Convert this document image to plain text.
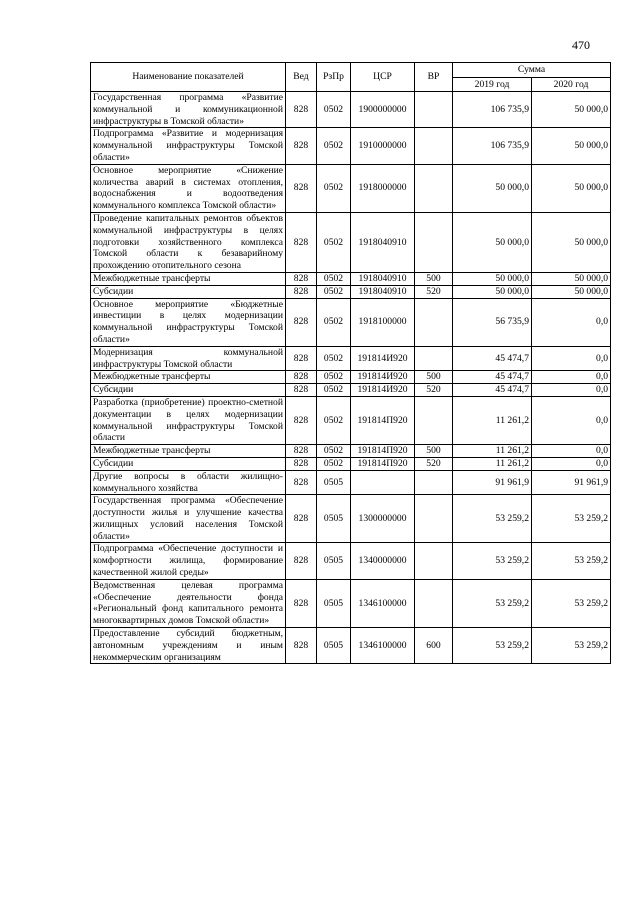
470
Наименование показателей	Вед	РзПр	ЦСР	ВР	Сумма	
					2019 год	2020 год
Государственная программа «Развитие коммунальной и коммуникационной инфраструктуры в Томской области»	828	0502	1900000000		106 735,9	50 000,0
Подпрограмма «Развитие и модернизация коммунальной инфраструктуры Томской области»	828	0502	1910000000		106 735,9	50 000,0
Основное мероприятие «Снижение количества аварий в системах отопления, водоснабжения и водоотведения коммунального комплекса Томской области»	828	0502	1918000000		50 000,0	50 000,0
Проведение капитальных ремонтов объектов коммунальной инфраструктуры в целях подготовки хозяйственного комплекса Томской области к безаварийному прохождению отопительного сезона	828	0502	1918040910		50 000,0	50 000,0
Межбюджетные трансферты	828	0502	1918040910	500	50 000,0	50 000,0
Субсидии	828	0502	1918040910	520	50 000,0	50 000,0
Основное мероприятие «Бюджетные инвестиции в целях модернизации коммунальной инфраструктуры Томской области»	828	0502	1918100000		56 735,9	0,0
Модернизация коммунальной инфраструктуры Томской области	828	0502	191814И920		45 474,7	0,0
Межбюджетные трансферты	828	0502	191814И920	500	45 474,7	0,0
Субсидии	828	0502	191814И920	520	45 474,7	0,0
Разработка (приобретение) проектно-сметной документации в целях модернизации коммунальной инфраструктуры Томской области	828	0502	191814П920		11 261,2	0,0
Межбюджетные трансферты	828	0502	191814П920	500	11 261,2	0,0
Субсидии	828	0502	191814П920	520	11 261,2	0,0
Другие вопросы в области жилищно-коммунального хозяйства	828	0505			91 961,9	91 961,9
Государственная программа «Обеспечение доступности жилья и улучшение качества жилищных условий населения Томской области»	828	0505	1300000000		53 259,2	53 259,2
Подпрограмма «Обеспечение доступности и комфортности жилища, формирование качественной жилой среды»	828	0505	1340000000		53 259,2	53 259,2
Ведомственная целевая программа «Обеспечение деятельности фонда «Региональный фонд капитального ремонта многоквартирных домов Томской области»	828	0505	1346100000		53 259,2	53 259,2
Предоставление субсидий бюджетным, автономным учреждениям и иным некоммерческим организациям	828	0505	1346100000	600	53 259,2	53 259,2
